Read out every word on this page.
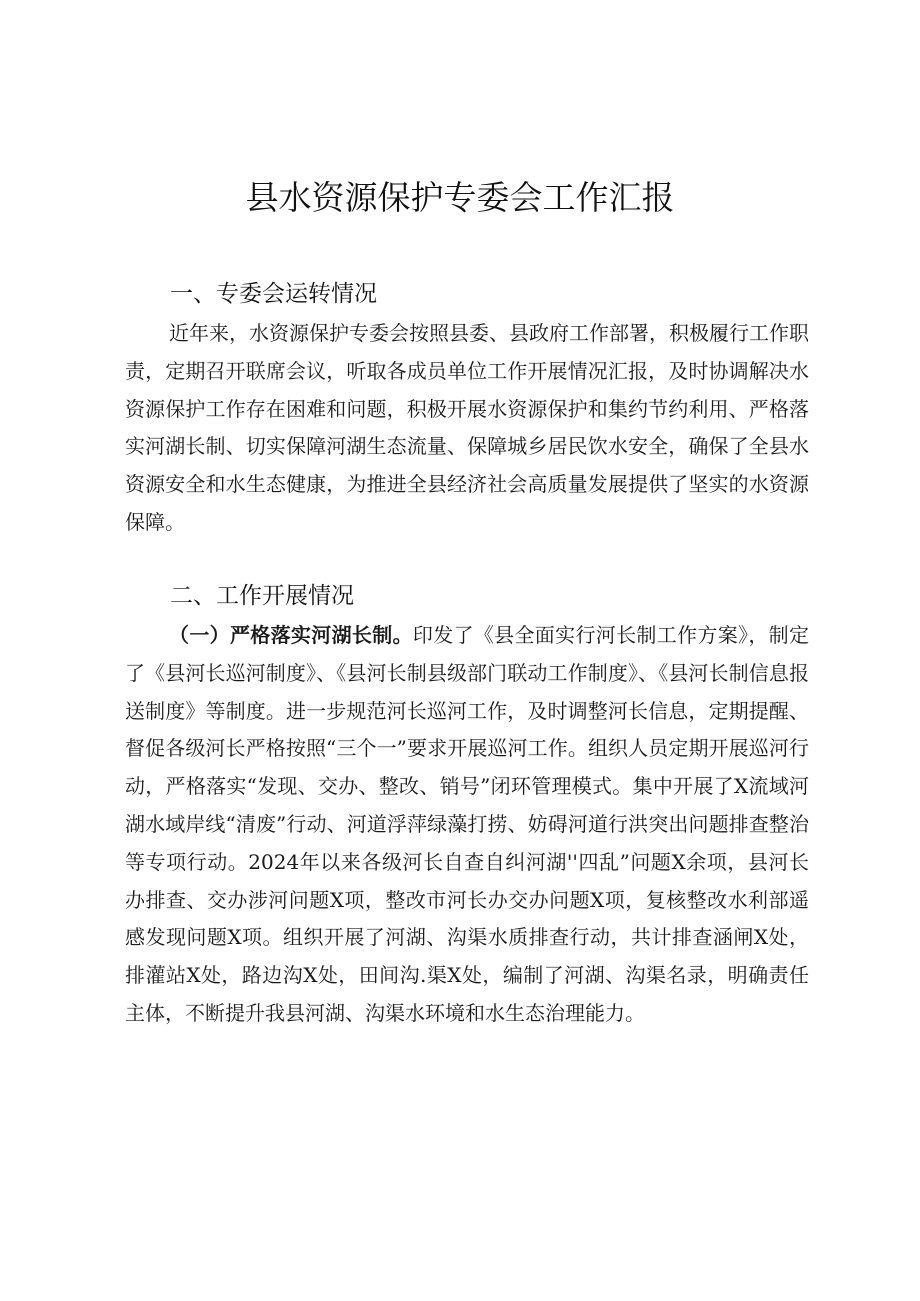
县水资源保护专委会工作汇报
一、专委会运转情况

近年来，水资源保护专委会按照县委、县政府工作部署，积极履行工作职责，定期召开联席会议，听取各成员单位工作开展情况汇报，及时协调解决水资源保护工作存在困难和问题，积极开展水资源保护和集约节约利用、严格落实河湖长制、切实保障河湖生态流量、保障城乡居民饮水安全，确保了全县水资源安全和水生态健康，为推进全县经济社会高质量发展提供了坚实的水资源保障。

二、工作开展情况

（一）严格落实河湖长制。印发了《县全面实行河长制工作方案》，制定了《县河长巡河制度》、《县河长制县级部门联动工作制度》、《县河长制信息报送制度》等制度。进一步规范河长巡河工作，及时调整河长信息，定期提醒、督促各级河长严格按照“三个一”要求开展巡河工作。组织人员定期开展巡河行动，严格落实“发现、交办、整改、销号”闭环管理模式。集中开展了X流域河湖水域岸线“清废”行动、河道浮萍绿藻打捞、妨碍河道行洪突出问题排查整治等专项行动。2024年以来各级河长自查自纠河湖''四乱”问题X余项，县河长办排查、交办涉河问题X项，整改市河长办交办问题X项，复核整改水利部遥感发现问题X项。组织开展了河湖、沟渠水质排查行动，共计排查涵闸X处，排灌站X处，路边沟X处，田间沟.渠X处，编制了河湖、沟渠名录，明确责任主体，不断提升我县河湖、沟渠水环境和水生态治理能力。
